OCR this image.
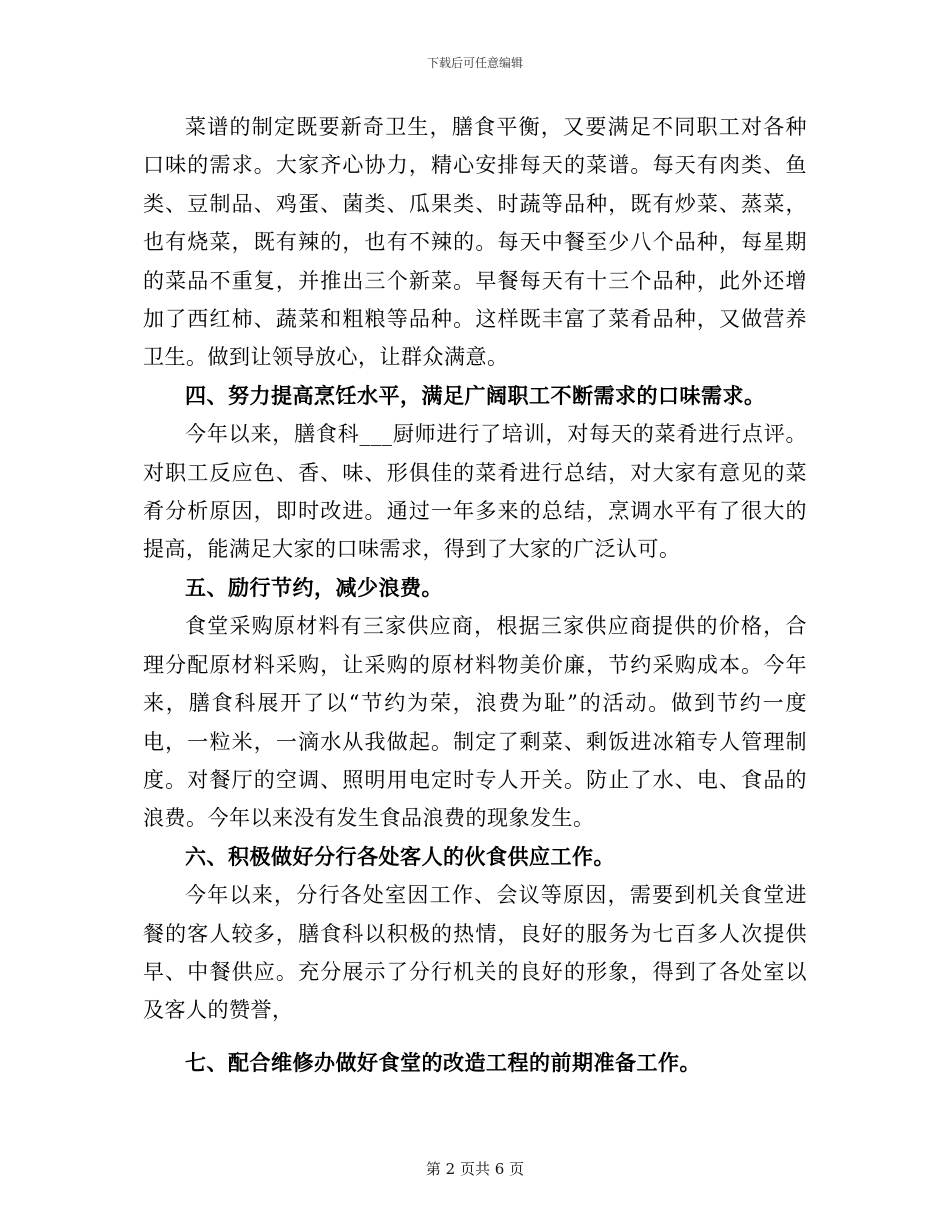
下载后可任意编辑

菜谱的制定既要新奇卫生，膳食平衡，又要满足不同职工对各种口味的需求。大家齐心协力，精心安排每天的菜谱。每天有肉类、鱼类、豆制品、鸡蛋、菌类、瓜果类、时蔬等品种，既有炒菜、蒸菜，也有烧菜，既有辣的，也有不辣的。每天中餐至少八个品种，每星期的菜品不重复，并推出三个新菜。早餐每天有十三个品种，此外还增加了西红柿、蔬菜和粗粮等品种。这样既丰富了菜肴品种，又做营养卫生。做到让领导放心，让群众满意。

四、努力提高烹饪水平，满足广阔职工不断需求的口味需求。

今年以来，膳食科___厨师进行了培训，对每天的菜肴进行点评。对职工反应色、香、味、形俱佳的菜肴进行总结，对大家有意见的菜肴分析原因，即时改进。通过一年多来的总结，烹调水平有了很大的提高，能满足大家的口味需求，得到了大家的广泛认可。

五、励行节约，减少浪费。

食堂采购原材料有三家供应商，根据三家供应商提供的价格，合理分配原材料采购，让采购的原材料物美价廉，节约采购成本。今年来，膳食科展开了以“节约为荣，浪费为耻”的活动。做到节约一度电，一粒米，一滴水从我做起。制定了剩菜、剩饭进冰箱专人管理制度。对餐厅的空调、照明用电定时专人开关。防止了水、电、食品的浪费。今年以来没有发生食品浪费的现象发生。

六、积极做好分行各处客人的伙食供应工作。

今年以来，分行各处室因工作、会议等原因，需要到机关食堂进餐的客人较多，膳食科以积极的热情，良好的服务为七百多人次提供早、中餐供应。充分展示了分行机关的良好的形象，得到了各处室以及客人的赞誉，

七、配合维修办做好食堂的改造工程的前期准备工作。

第 2 页共 6 页
